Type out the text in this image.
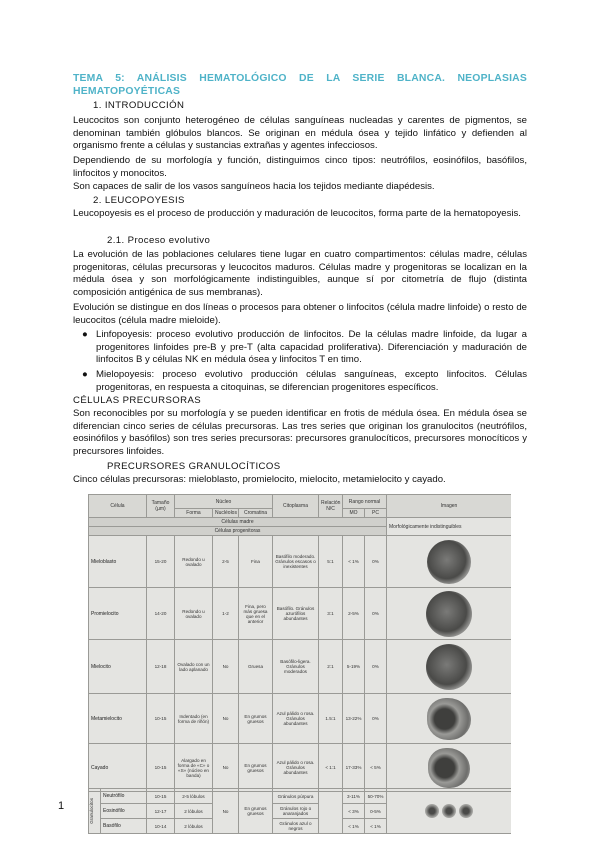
TEMA 5: ANÁLISIS HEMATOLÓGICO DE LA SERIE BLANCA. NEOPLASIAS HEMATOPOYÉTICAS
1. INTRODUCCIÓN
Leucocitos son conjunto heterogéneo de células sanguíneas nucleadas y carentes de pigmentos, se denominan también glóbulos blancos. Se originan en médula ósea y tejido linfático y defienden al organismo frente a células y sustancias extrañas y agentes infecciosos.
Dependiendo de su morfología y función, distinguimos cinco tipos: neutrófilos, eosinófilos, basófilos, linfocitos y monocitos.
Son capaces de salir de los vasos sanguíneos hacia los tejidos mediante diapédesis.
2. LEUCOPOYESIS
Leucopoyesis es el proceso de producción y maduración de leucocitos, forma parte de la hematopoyesis.
2.1. Proceso evolutivo
La evolución de las poblaciones celulares tiene lugar en cuatro compartimentos: células madre, células progenitoras, células precursoras y leucocitos maduros. Células madre y progenitoras se localizan en la médula ósea y son morfológicamente indistinguibles, aunque sí por citometría de flujo (distinta composición antigénica de sus membranas).
Evolución se distingue en dos líneas o procesos para obtener o linfocitos (célula madre linfoide) o resto de leucocitos (célula madre mieloide).
● Linfopoyesis: proceso evolutivo producción de linfocitos. De la células madre linfoide, da lugar a progenitores linfoides pre-B y pre-T (alta capacidad proliferativa). Diferenciación y maduración de linfocitos B y células NK en médula ósea y linfocitos T en timo.
● Mielopoyesis: proceso evolutivo producción células sanguíneas, excepto linfocitos. Células progenitoras, en respuesta a citoquinas, se diferencian progenitores específicos.
CÉLULAS PRECURSORAS
Son reconocibles por su morfología y se pueden identificar en frotis de médula ósea. En médula ósea se diferencian cinco series de células precursoras. Las tres series que originan los granulocitos (neutrófilos, eosinófilos y basófilos) son tres series precursoras: precursores granulocíticos, precursores monocíticos y precursores linfoides.
PRECURSORES GRANULOCÍTICOS
Cinco células precursoras: mieloblasto, promielocito, mielocito, metamielocito y cayado.
Célula	Tamaño (µm)	Núcleo			Citoplasma	Relación N/C	Rango normal		Imagen
		Forma	Nucléolos	Cromatina			MO	PC	
Células madre									Morfológicamente indistinguibles
Células progenitoras									
Mieloblasto	15-20	Redondo u ovalado	2-5	Fina	Basófilo moderado. Gránulos escasos o inexistentes	5:1	< 1%	0%	

Promielocito	14-20	Redondo u ovalado	1-2	Fina, pero más gruesa que en el anterior	Basófilo. Gránulos azurófilos abundantes	3:1	2-5%	0%	

Mielocito	12-18	Ovalado con un lado aplanado	No	Gruesa	Basófilo-ligera. Gránulos moderados	2:1	5-19%	0%	

Metamielocito	10-15	Indentado (en forma de riñón)	No	En grumos gruesos	Azul pálido o rosa. Gránulos abundantes	1.5:1	13-22%	0%	

Cayado	10-15	Alargado en forma de «C» o «S» (núcleo en banda)	No	En grumos gruesos	Azul pálido o rosa. Gránulos abundantes	< 1:1	17-33%	< 5%	
Granulocitos	Neutrófilo	10-15	2-5 lóbulos	No	En grumos gruesos	Gránulos púrpura		3-11%	50-70%	
	Eosinófilo	12-17	2 lóbulos			Gránulos rojo o anaranjados		< 3%	0-5%	
	Basófilo	10-14	2 lóbulos			Gránulos azul o negros		< 1%	< 1%	
1
